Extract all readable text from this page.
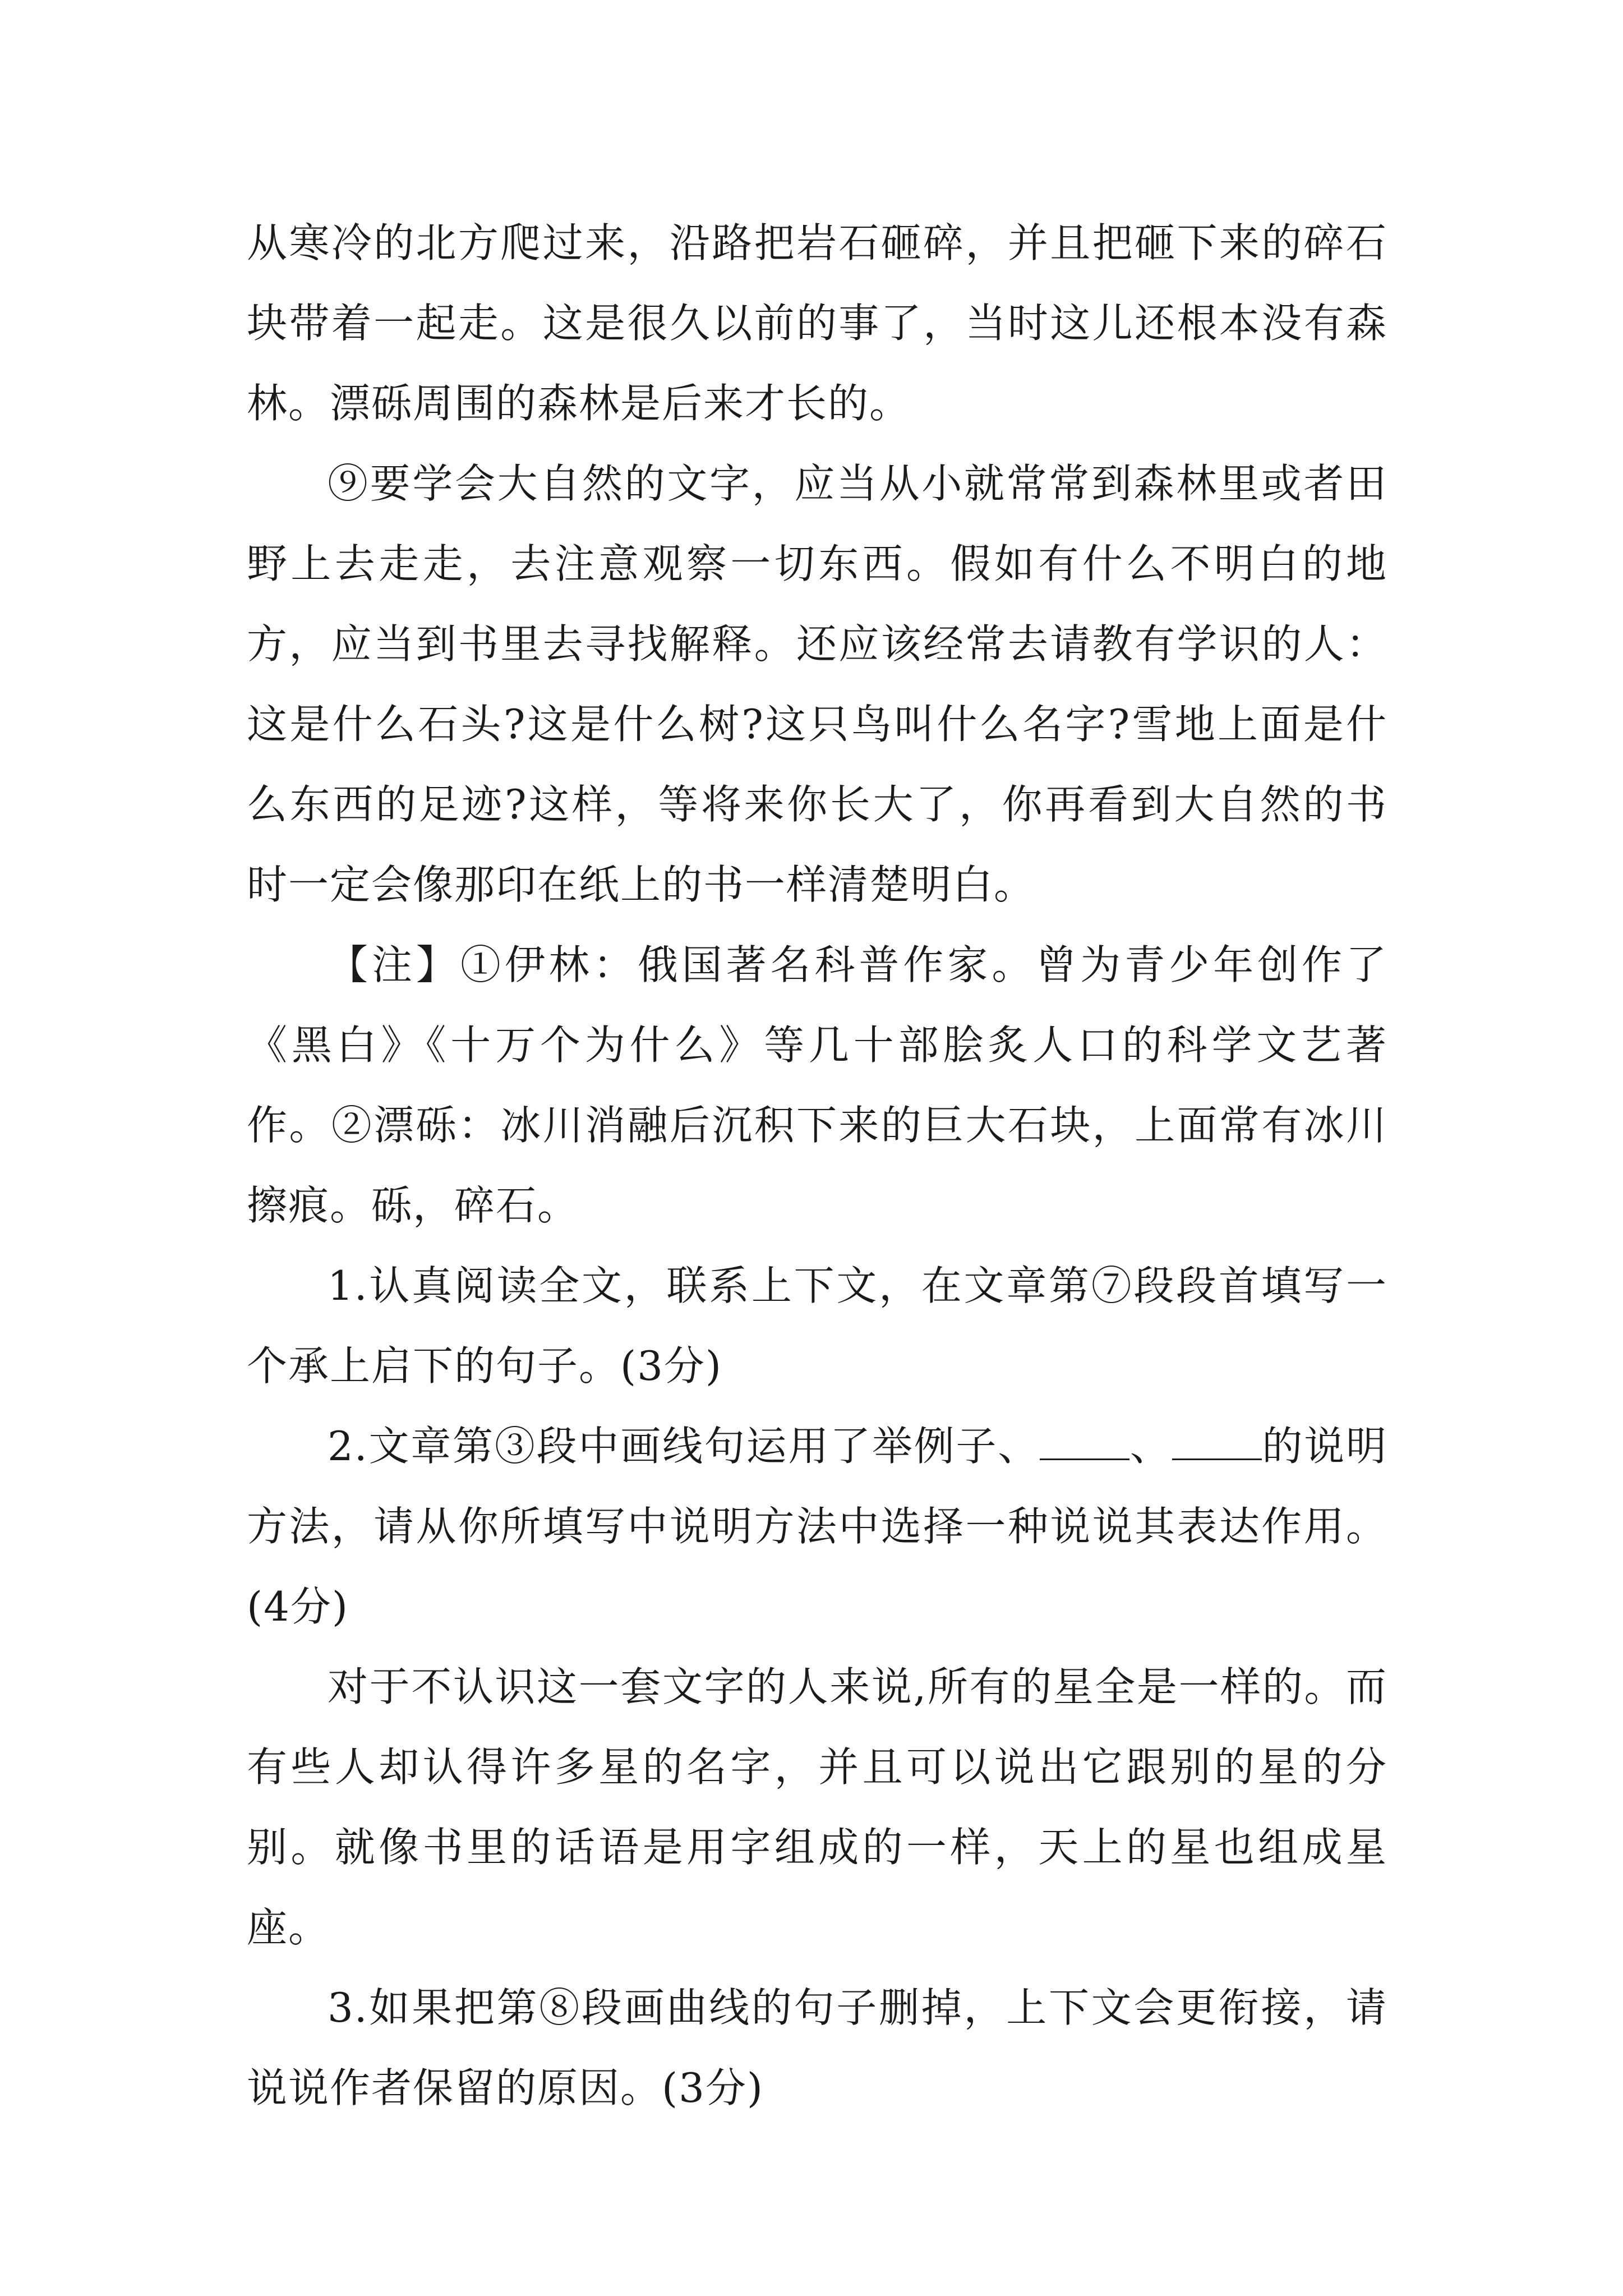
从寒冷的北方爬过来，沿路把岩石砸碎，并且把砸下来的碎石块带着一起走。这是很久以前的事了，当时这儿还根本没有森林。漂砾周围的森林是后来才长的。

⑨要学会大自然的文字，应当从小就常常到森林里或者田野上去走走，去注意观察一切东西。假如有什么不明白的地方，应当到书里去寻找解释。还应该经常去请教有学识的人：这是什么石头?这是什么树?这只鸟叫什么名字?雪地上面是什么东西的足迹?这样，等将来你长大了，你再看到大自然的书时一定会像那印在纸上的书一样清楚明白。

【注】①伊林：俄国著名科普作家。曾为青少年创作了《黑白》《十万个为什么》等几十部脍炙人口的科学文艺著作。②漂砾：冰川消融后沉积下来的巨大石块，上面常有冰川擦痕。砾，碎石。

1.认真阅读全文，联系上下文，在文章第⑦段段首填写一个承上启下的句子。(3分)

2.文章第③段中画线句运用了举例子、 、 的说明方法，请从你所填写中说明方法中选择一种说说其表达作用。(4分)

对于不认识这一套文字的人来说,所有的星全是一样的。而有些人却认得许多星的名字，并且可以说出它跟别的星的分别。就像书里的话语是用字组成的一样，天上的星也组成星座。

3.如果把第⑧段画曲线的句子删掉，上下文会更衔接，请说说作者保留的原因。(3分)
